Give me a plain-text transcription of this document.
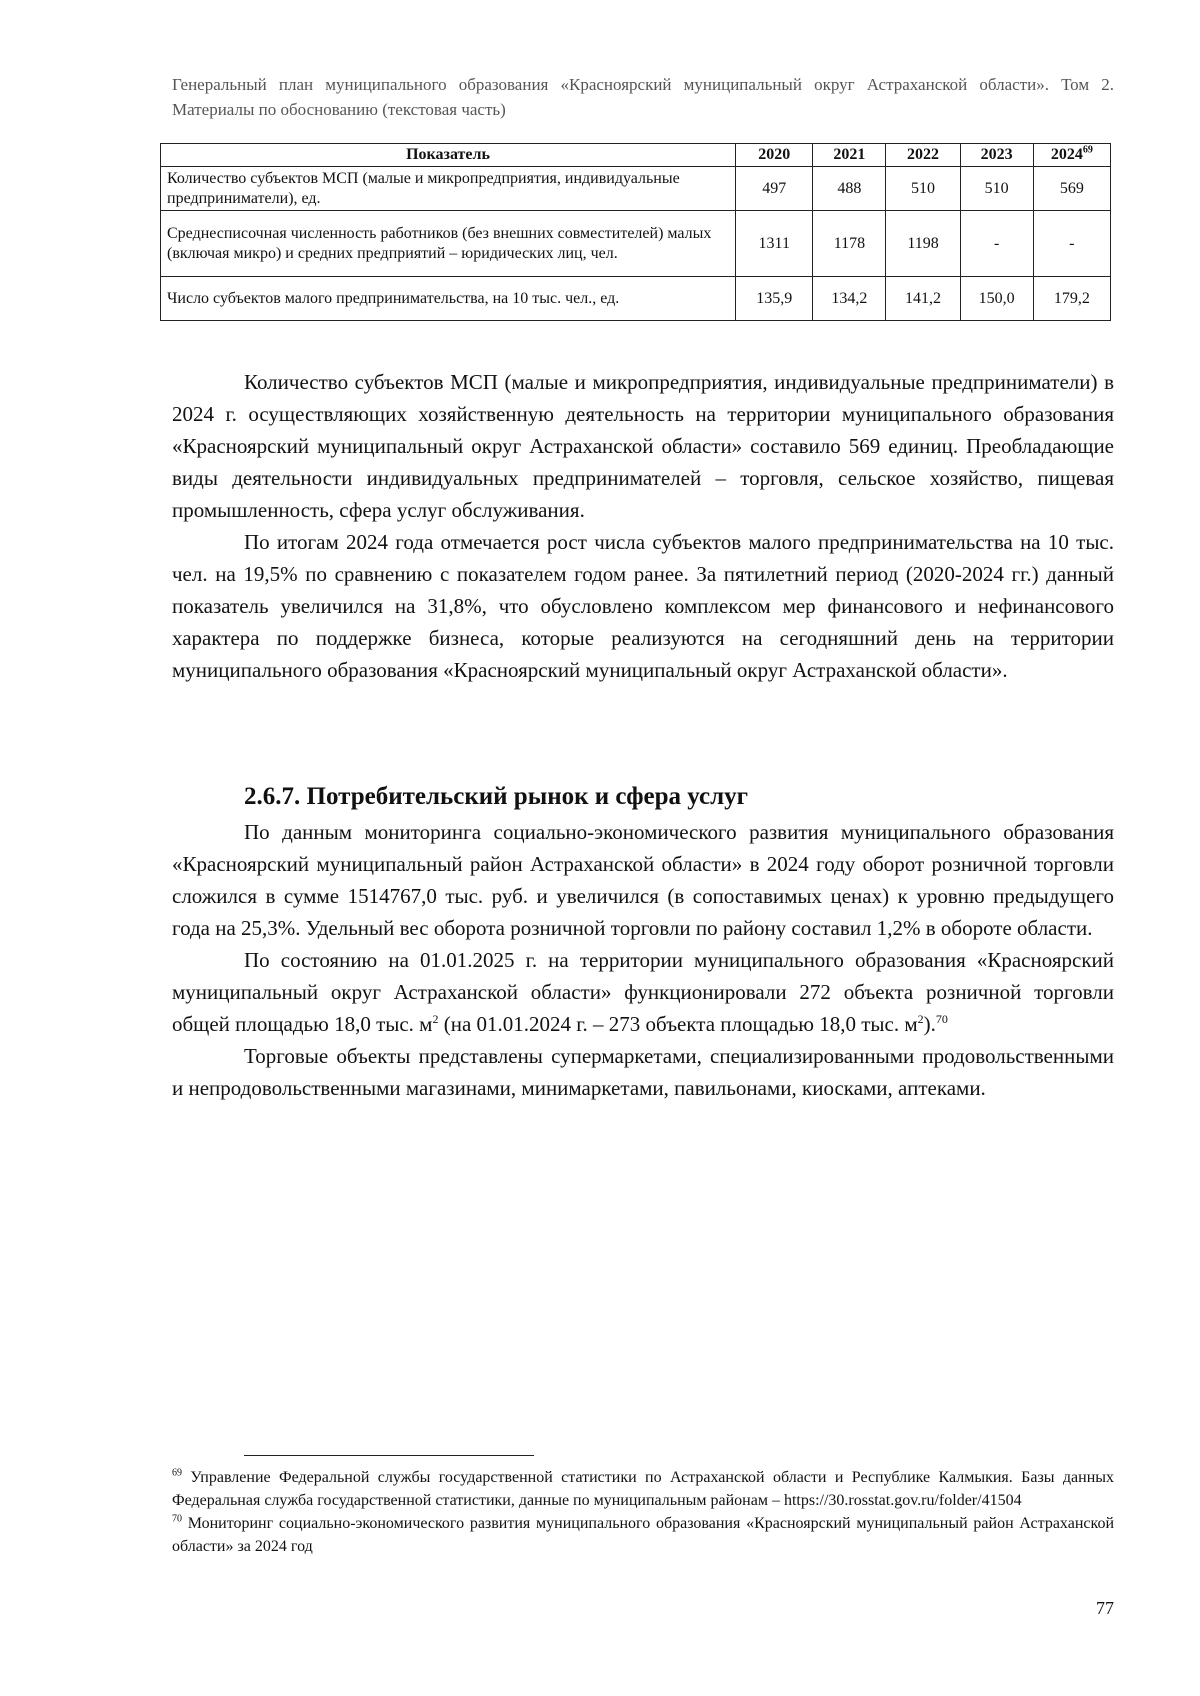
Генеральный план муниципального образования «Красноярский муниципальный округ Астраханской области». Том 2. Материалы по обоснованию (текстовая часть)
Показатель	2020	2021	2022	2023	2024$^{69}$
Количество субъектов МСП (малые и микропредприятия, индивидуальные предприниматели), ед.	497	488	510	510	569
Среднесписочная численность работников (без внешних совместителей) малых (включая микро) и средних предприятий – юридических лиц, чел.	1311	1178	1198	-	-
Число субъектов малого предпринимательства, на 10 тыс. чел., ед.	135,9	134,2	141,2	150,0	179,2

Количество субъектов МСП (малые и микропредприятия, индивидуальные предприниматели) в 2024 г. осуществляющих хозяйственную деятельность на территории муниципального образования «Красноярский муниципальный округ Астраханской области» составило 569 единиц. Преобладающие виды деятельности индивидуальных предпринимателей – торговля, сельское хозяйство, пищевая промышленность, сфера услуг обслуживания.

По итогам 2024 года отмечается рост числа субъектов малого предпринимательства на 10 тыс. чел. на 19,5% по сравнению с показателем годом ранее. За пятилетний период (2020-2024 гг.) данный показатель увеличился на 31,8%, что обусловлено комплексом мер финансового и нефинансового характера по поддержке бизнеса, которые реализуются на сегодняшний день на территории муниципального образования «Красноярский муниципальный округ Астраханской области».

2.6.7. Потребительский рынок и сфера услуг

По данным мониторинга социально-экономического развития муниципального образования «Красноярский муниципальный район Астраханской области» в 2024 году оборот розничной торговли сложился в сумме 1514767,0 тыс. руб. и увеличился (в сопоставимых ценах) к уровню предыдущего года на 25,3%. Удельный вес оборота розничной торговли по району составил 1,2% в обороте области.

По состоянию на 01.01.2025 г. на территории муниципального образования «Красноярский муниципальный округ Астраханской области» функционировали 272 объекта розничной торговли общей площадью 18,0 тыс. $м^2$ (на 01.01.2024 г. – 273 объекта площадью 18,0 тыс. $м^2).^{70}$

Торговые объекты представлены супермаркетами, специализированными продовольственными и непродовольственными магазинами, минимаркетами, павильонами, киосками, аптеками.

$^{69}$ Управление Федеральной службы государственной статистики по Астраханской области и Республике Калмыкия. Базы данных Федеральная служба государственной статистики, данные по муниципальным районам – https://30.rosstat.gov.ru/folder/41504

$^{70}$ Мониторинг социально-экономического развития муниципального образования «Красноярский муниципальный район Астраханской области» за 2024 год

77
